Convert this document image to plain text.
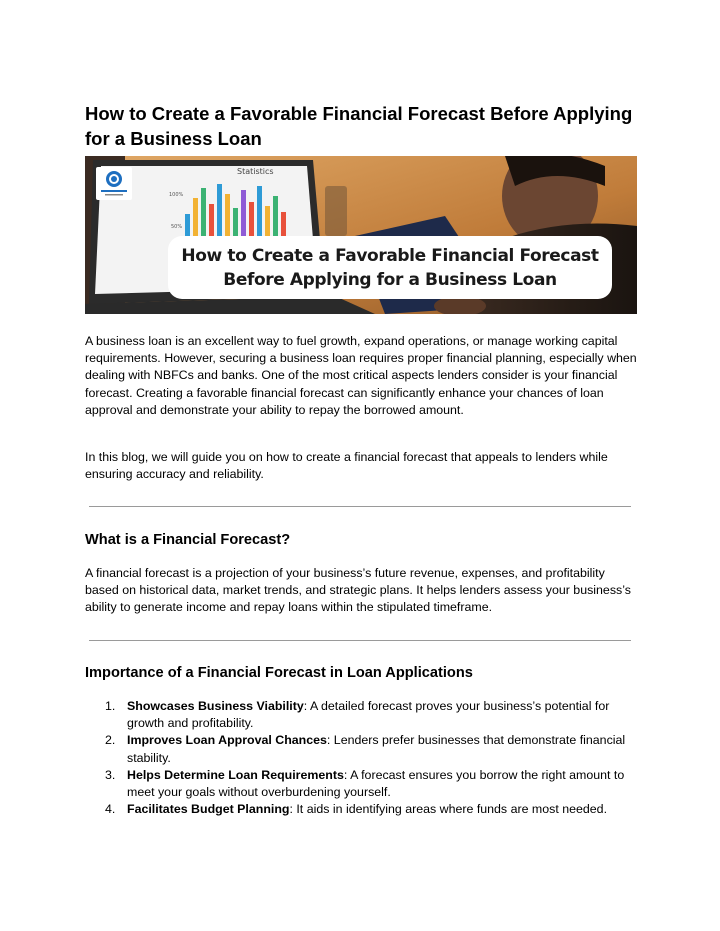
How to Create a Favorable Financial Forecast Before Applying for a Business Loan
Statistics
100%
50%
How to Create a Favorable Financial Forecast
Before Applying for a Business Loan

A business loan is an excellent way to fuel growth, expand operations, or manage working capital requirements. However, securing a business loan requires proper financial planning, especially when dealing with NBFCs and banks. One of the most critical aspects lenders consider is your financial forecast. Creating a favorable financial forecast can significantly enhance your chances of loan approval and demonstrate your ability to repay the borrowed amount.

In this blog, we will guide you on how to create a financial forecast that appeals to lenders while ensuring accuracy and reliability.

What is a Financial Forecast?

A financial forecast is a projection of your business’s future revenue, expenses, and profitability based on historical data, market trends, and strategic plans. It helps lenders assess your business’s ability to generate income and repay loans within the stipulated timeframe.

Importance of a Financial Forecast in Loan Applications
1. Showcases Business Viability: A detailed forecast proves your business’s potential for growth and profitability.
2. Improves Loan Approval Chances: Lenders prefer businesses that demonstrate financial stability.
3. Helps Determine Loan Requirements: A forecast ensures you borrow the right amount to meet your goals without overburdening yourself.
4. Facilitates Budget Planning: It aids in identifying areas where funds are most needed.
